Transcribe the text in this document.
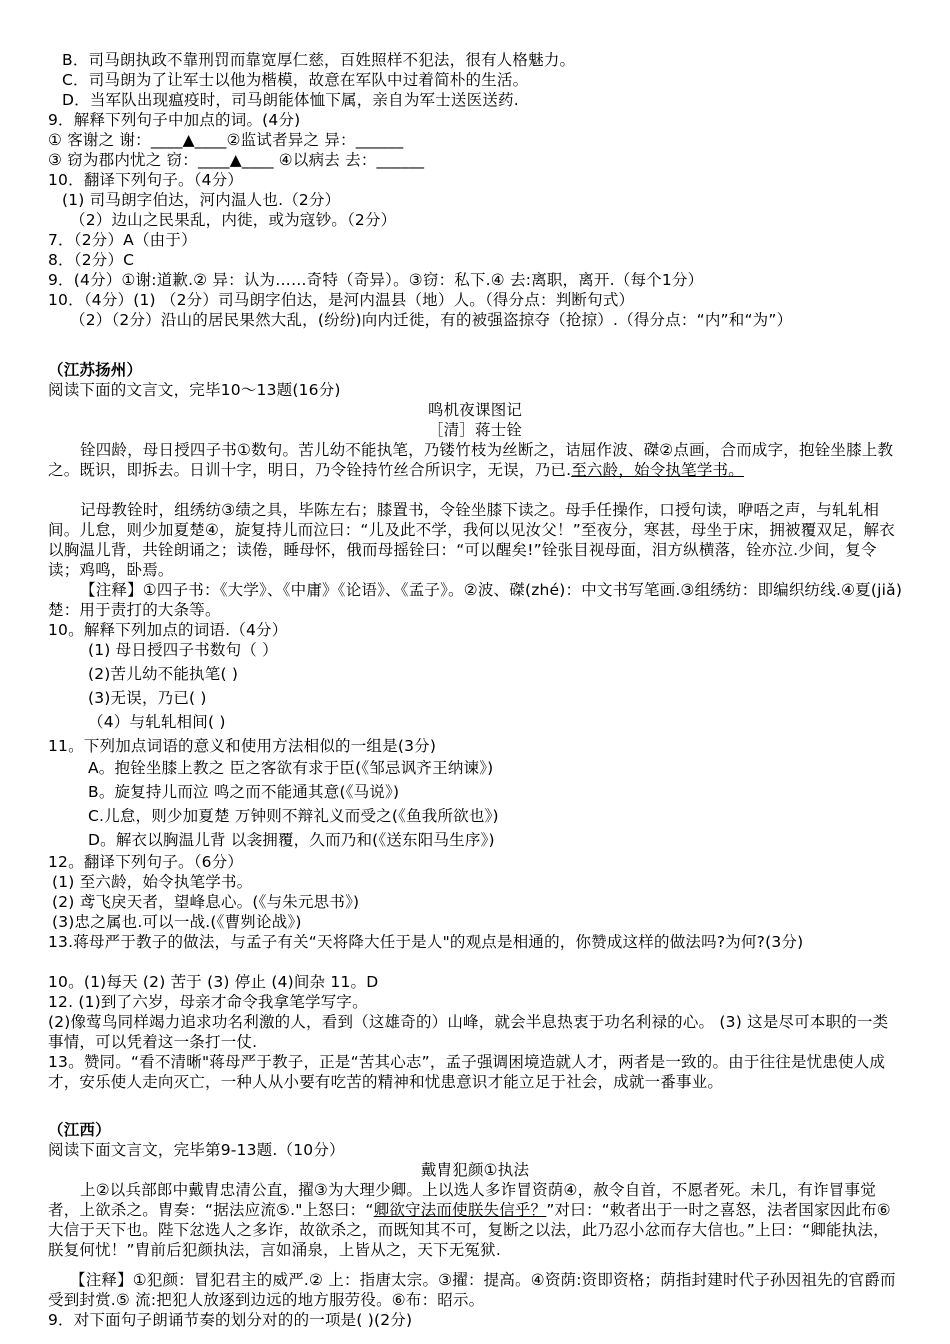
B．司马朗执政不靠刑罚而靠宽厚仁慈，百姓照样不犯法，很有人格魅力。
C．司马朗为了让军士以他为楷模，故意在军队中过着简朴的生活。
D．当军队出现瘟疫时，司马朗能体恤下属，亲自为军士送医送药.
9．解释下列句子中加点的词。(4分)
① 客谢之 谢：____▲____②监试者异之 异：______
③ 窃为郡内忧之 窃：____▲____ ④以病去 去：______
10．翻译下列句子。（4分）
(1) 司马朗字伯达，河内温人也.（2分）
（2）边山之民果乱，内徙，或为寇钞。（2分）
7．（2分）A（由于）
8．（2分）C
9．(4分）①谢:道歉.② 异：认为……奇特（奇异）。③窃：私下.④ 去:离职，离开.（每个1分）
10．（4分）(1) （2分）司马朗字伯达，是河内温县（地）人。（得分点：判断句式）
（2）（2分）沿山的居民果然大乱，(纷纷)向内迁徙，有的被强盗掠夺（抢掠）.（得分点：“内”和“为”）
（江苏扬州）
阅读下面的文言文，完毕10～13题(16分)
鸣机夜课图记
［清］蒋士铨
铨四龄，母日授四子书①数句。苦儿幼不能执笔，乃镂竹枝为丝断之，诘屈作波、磔②点画，合而成字，抱铨坐膝上教之。既识，即拆去。日训十字，明日，乃令铨持竹丝合所识字，无误，乃已.至六龄，始令执笔学书。
记母教铨时，组绣纺③绩之具，毕陈左右；膝置书，令铨坐膝下读之。母手任操作，口授句读，咿唔之声，与轧轧相间。儿怠，则少加夏楚④，旋复持儿而泣曰：“儿及此不学，我何以见汝父！”至夜分，寒甚，母坐于床，拥被覆双足，解衣以胸温儿背，共铨朗诵之；读倦，睡母怀，俄而母摇铨曰：“可以醒矣!”铨张目视母面，泪方纵横落，铨亦泣.少间，复令读；鸡鸣，卧焉。
【注释】①四子书：《大学》、《中庸》《论语》、《孟子》。②波、磔(zhé)：中文书写笔画.③组绣纺：即编织纺线.④夏(jiǎ)楚：用于责打的大条等。
10。解释下列加点的词语.（4分）
(1) 母日授四子书数句（ ）
(2)苦儿幼不能执笔( )
(3)无误，乃已( )
（4）与轧轧相间( )
11。下列加点词语的意义和使用方法相似的一组是(3分)
A。抱铨坐膝上教之 臣之客欲有求于臣(《邹忌讽齐王纳谏》)
B。旋复持儿而泣 鸣之而不能通其意(《马说》)
C.儿怠，则少加夏楚 万钟则不辩礼义而受之(《鱼我所欲也》)
D。解衣以胸温儿背 以衾拥覆，久而乃和(《送东阳马生序》)
12。翻译下列句子。（6分）
(1) 至六龄，始令执笔学书。
(2) 鸢飞戾天者，望峰息心。(《与朱元思书》)
(3)忠之属也.可以一战.(《曹刿论战》)
13.蒋母严于教子的做法，与孟子有关“天将降大任于是人"的观点是相通的，你赞成这样的做法吗?为何?(3分)
10。(1)每天 (2) 苦于 (3) 停止 (4)间杂 11。D
12. (1)到了六岁，母亲才命令我拿笔学写字。
(2)像莺鸟同样竭力追求功名利激的人，看到（这雄奇的）山峰，就会半息热衷于功名利禄的心。 (3) 这是尽可本职的一类事情，可以凭着这一条打一仗.
13。赞同。“看不清晰"蒋母严于教子，正是“苦其心志”，孟子强调困境造就人才，两者是一致的。由于往往是忧患使人成才，安乐使人走向灭亡，一种人从小要有吃苦的精神和忧患意识才能立足于社会，成就一番事业。
（江西）
阅读下面文言文，完毕第9-13题.（10分）
戴胄犯颜①执法
上②以兵部郎中戴胄忠清公直，擢③为大理少卿。上以选人多诈冒资荫④，赦令自首，不愿者死。未几，有诈冒事觉者，上欲杀之。胄奏：“据法应流⑤."上怒曰：“卿欲守法而使朕失信乎？”对曰：“敕者出于一时之喜怒，法者国家因此布⑥大信于天下也。陛下忿选人之多诈，故欲杀之，而既知其不可，复断之以法，此乃忍小忿而存大信也。”上曰：“卿能执法，朕复何忧！”胄前后犯颜执法，言如涌泉，上皆从之，天下无冤狱.
【注释】①犯颜：冒犯君主的威严.② 上：指唐太宗。③擢：提高。④资荫:资即资格；荫指封建时代子孙因祖先的官爵而受到封赏.⑤ 流:把犯人放逐到边远的地方服劳役。⑥布：昭示。
9．对下面句子朗诵节奏的划分对的的一项是( )(2分)
